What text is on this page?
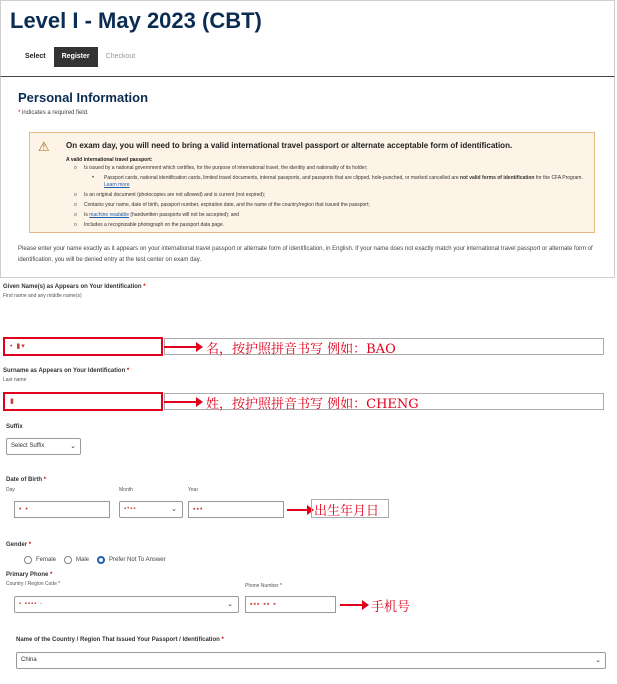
Level I - May 2023 (CBT)
Select	Register	Checkout
Personal Information
* indicates a required field.
⚠ On exam day, you will need to bring a valid international travel passport or alternate acceptable form of identification.
A valid international travel passport:
o Is issued by a national government which certifies, for the purpose of international travel, the identity and nationality of its holder;
• Passport cards, national identification cards, limited travel documents, internal passports, and passports that are clipped, hole-punched, or marked cancelled are not valid forms of identification for the CFA Program. Learn more
o Is an original document (photocopies are not allowed) and is current (not expired);
o Contains your name, date of birth, passport number, expiration date, and the name of the country/region that issued the passport;
o Is machine readable (handwritten passports will not be accepted); and
o Includes a recognizable photograph on the passport data page.
Please enter your name exactly as it appears on your international travel passport or alternate form of identification, in English. If your name does not exactly match your international travel passport or alternate form of identification, you will be denied entry at the test center on exam day.
Given Name(s) as Appears on Your Identification *
First name and any middle name(s)
• ▮▾	名，按护照拼音书写 例如：BAO
Surname as Appears on Your Identification *
Last name
▮	姓，按护照拼音书写 例如：CHENG
Suffix
Select Suffix	⌄
Date of Birth *
Day	Month	Year
• •	▪•▪▪	⌄	▪▪•	出生年月日
Gender *
Female	Male	Prefer Not To Answer
Primary Phone *
Country / Region Code *	Phone Number *
▪ ▪▪▪▪ -	⌄	▪▪▪ ▪▪ ▪	手机号
Name of the Country / Region That Issued Your Passport / Identification *
China	⌄
